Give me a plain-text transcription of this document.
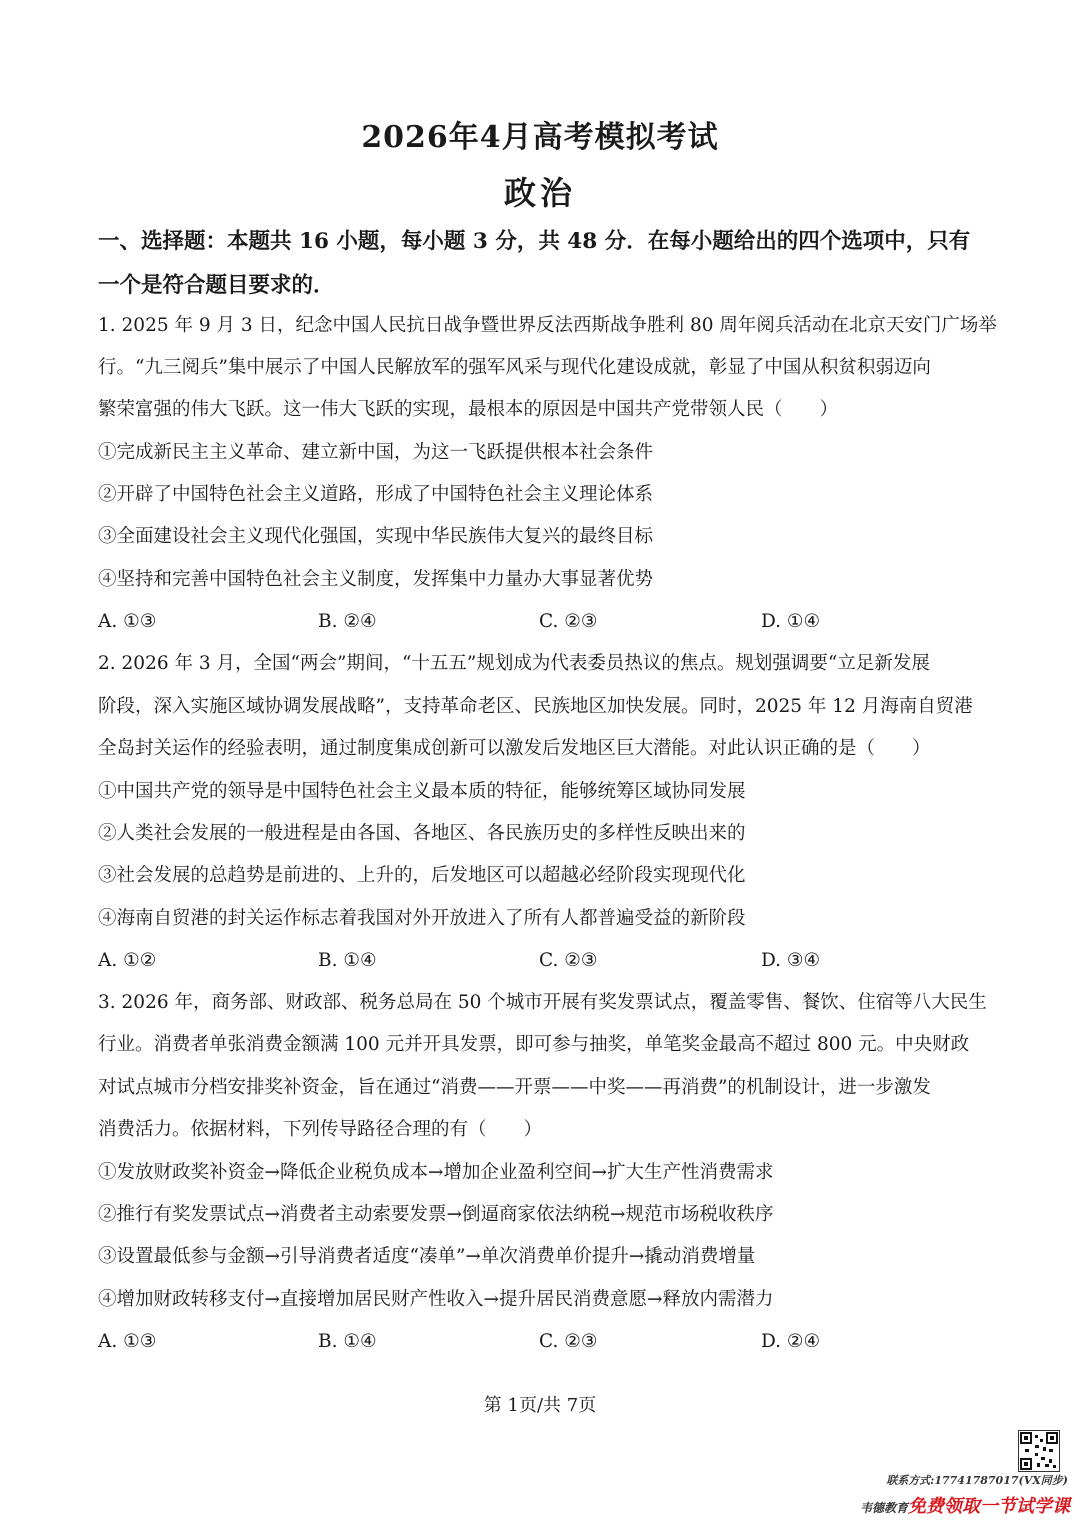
2026年4月高考模拟考试
政治
一、选择题：本题共 16 小题，每小题 3 分，共 48 分．在每小题给出的四个选项中，只有一个是符合题目要求的．
1. 2025 年 9 月 3 日，纪念中国人民抗日战争暨世界反法西斯战争胜利 80 周年阅兵活动在北京天安门广场举
行。“九三阅兵”集中展示了中国人民解放军的强军风采与现代化建设成就，彰显了中国从积贫积弱迈向
繁荣富强的伟大飞跃。这一伟大飞跃的实现，最根本的原因是中国共产党带领人民（　　）
①完成新民主主义革命、建立新中国，为这一飞跃提供根本社会条件
②开辟了中国特色社会主义道路，形成了中国特色社会主义理论体系
③全面建设社会主义现代化强国，实现中华民族伟大复兴的最终目标
④坚持和完善中国特色社会主义制度，发挥集中力量办大事显著优势
A. ①③	B. ②④	C. ②③	D. ①④
2. 2026 年 3 月，全国“两会”期间，“十五五”规划成为代表委员热议的焦点。规划强调要“立足新发展
阶段，深入实施区域协调发展战略”，支持革命老区、民族地区加快发展。同时，2025 年 12 月海南自贸港
全岛封关运作的经验表明，通过制度集成创新可以激发后发地区巨大潜能。对此认识正确的是（　　）
①中国共产党的领导是中国特色社会主义最本质的特征，能够统筹区域协同发展
②人类社会发展的一般进程是由各国、各地区、各民族历史的多样性反映出来的
③社会发展的总趋势是前进的、上升的，后发地区可以超越必经阶段实现现代化
④海南自贸港的封关运作标志着我国对外开放进入了所有人都普遍受益的新阶段
A. ①②	B. ①④	C. ②③	D. ③④
3. 2026 年，商务部、财政部、税务总局在 50 个城市开展有奖发票试点，覆盖零售、餐饮、住宿等八大民生
行业。消费者单张消费金额满 100 元并开具发票，即可参与抽奖，单笔奖金最高不超过 800 元。中央财政
对试点城市分档安排奖补资金，旨在通过“消费——开票——中奖——再消费”的机制设计，进一步激发
消费活力。依据材料，下列传导路径合理的有（　　）
①发放财政奖补资金→降低企业税负成本→增加企业盈利空间→扩大生产性消费需求
②推行有奖发票试点→消费者主动索要发票→倒逼商家依法纳税→规范市场税收秩序
③设置最低参与金额→引导消费者适度“凑单”→单次消费单价提升→撬动消费增量
④增加财政转移支付→直接增加居民财产性收入→提升居民消费意愿→释放内需潜力
A. ①③	B. ①④	C. ②③	D. ②④
第 1页/共 7页
联系方式:17741787017(VX同步)
韦德教育免费领取一节试学课
